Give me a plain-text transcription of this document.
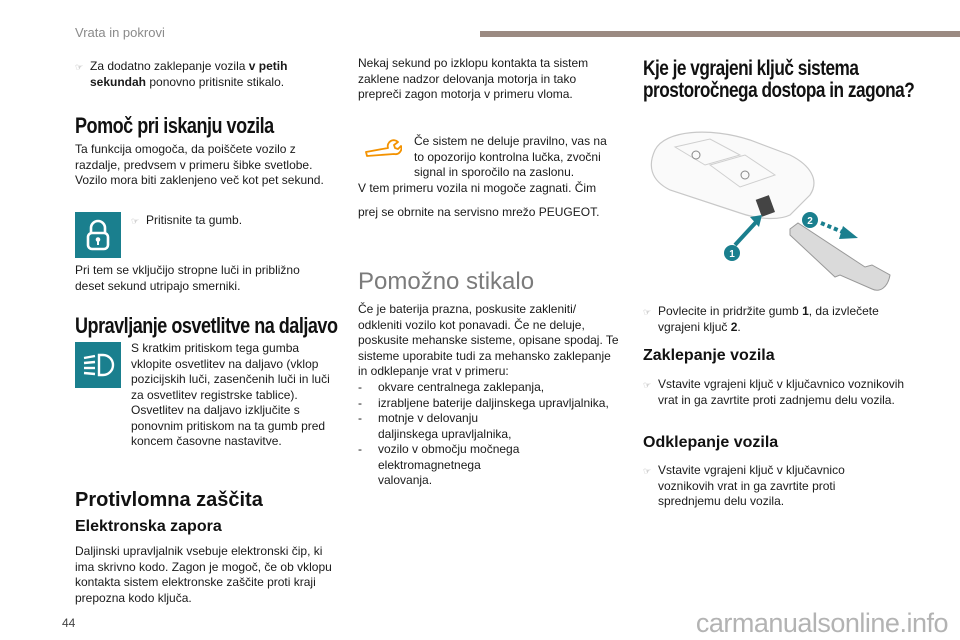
Vrata in pokrovi
☞ Za dodatno zaklepanje vozila v petih
sekundah ponovno pritisnite stikalo.
Pomoč pri iskanju vozila
Ta funkcija omogoča, da poiščete vozilo z razdalje, predvsem v primeru šibke svetlobe. Vozilo mora biti zaklenjeno več kot pet sekund.
☞ Pritisnite ta gumb.
Pri tem se vključijo stropne luči in približno deset sekund utripajo smerniki.
Upravljanje osvetlitve na daljavo
S kratkim pritiskom tega gumba vklopite osvetlitev na daljavo (vklop pozicijskih luči, zasenčenih luči in luči za osvetlitev registrske tablice). Osvetlitev na daljavo izključite s ponovnim pritiskom na ta gumb pred koncem časovne nastavitve.
Protivlomna zaščita
Elektronska zapora
Daljinski upravljalnik vsebuje elektronski čip, ki ima skrivno kodo. Zagon je mogoč, če ob vklopu kontakta sistem elektronske zaščite proti kraji prepozna kodo ključa.
Nekaj sekund po izklopu kontakta ta sistem zaklene nadzor delovanja motorja in tako prepreči zagon motorja v primeru vloma.
Če sistem ne deluje pravilno, vas na to opozorijo kontrolna lučka, zvočni signal in sporočilo na zaslonu.
V tem primeru vozila ni mogoče zagnati. Čim
prej se obrnite na servisno mrežo PEUGEOT.
Pomožno stikalo
Če je baterija prazna, poskusite zakleniti/ odkleniti vozilo kot ponavadi. Če ne deluje, poskusite mehanske sisteme, opisane spodaj. Te sisteme uporabite tudi za mehansko zaklepanje in odklepanje vrat v primeru:
-	okvare centralnega zaklepanja,
-	izrabljene baterije daljinskega upravljalnika,
-	motnje v delovanju daljinskega upravljalnika,
-	vozilo v območju močnega elektromagnetnega valovanja.
Kje je vgrajeni ključ sistema
prostoročnega dostopa in zagona?
1
2
☞ Povlecite in pridržite gumb 1, da izvlečete vgrajeni ključ 2.
Zaklepanje vozila
☞ Vstavite vgrajeni ključ v ključavnico voznikovih vrat in ga zavrtite proti zadnjemu delu vozila.
Odklepanje vozila
☞ Vstavite vgrajeni ključ v ključavnico voznikovih vrat in ga zavrtite proti sprednjemu delu vozila.
44	carmanualsonline.info
